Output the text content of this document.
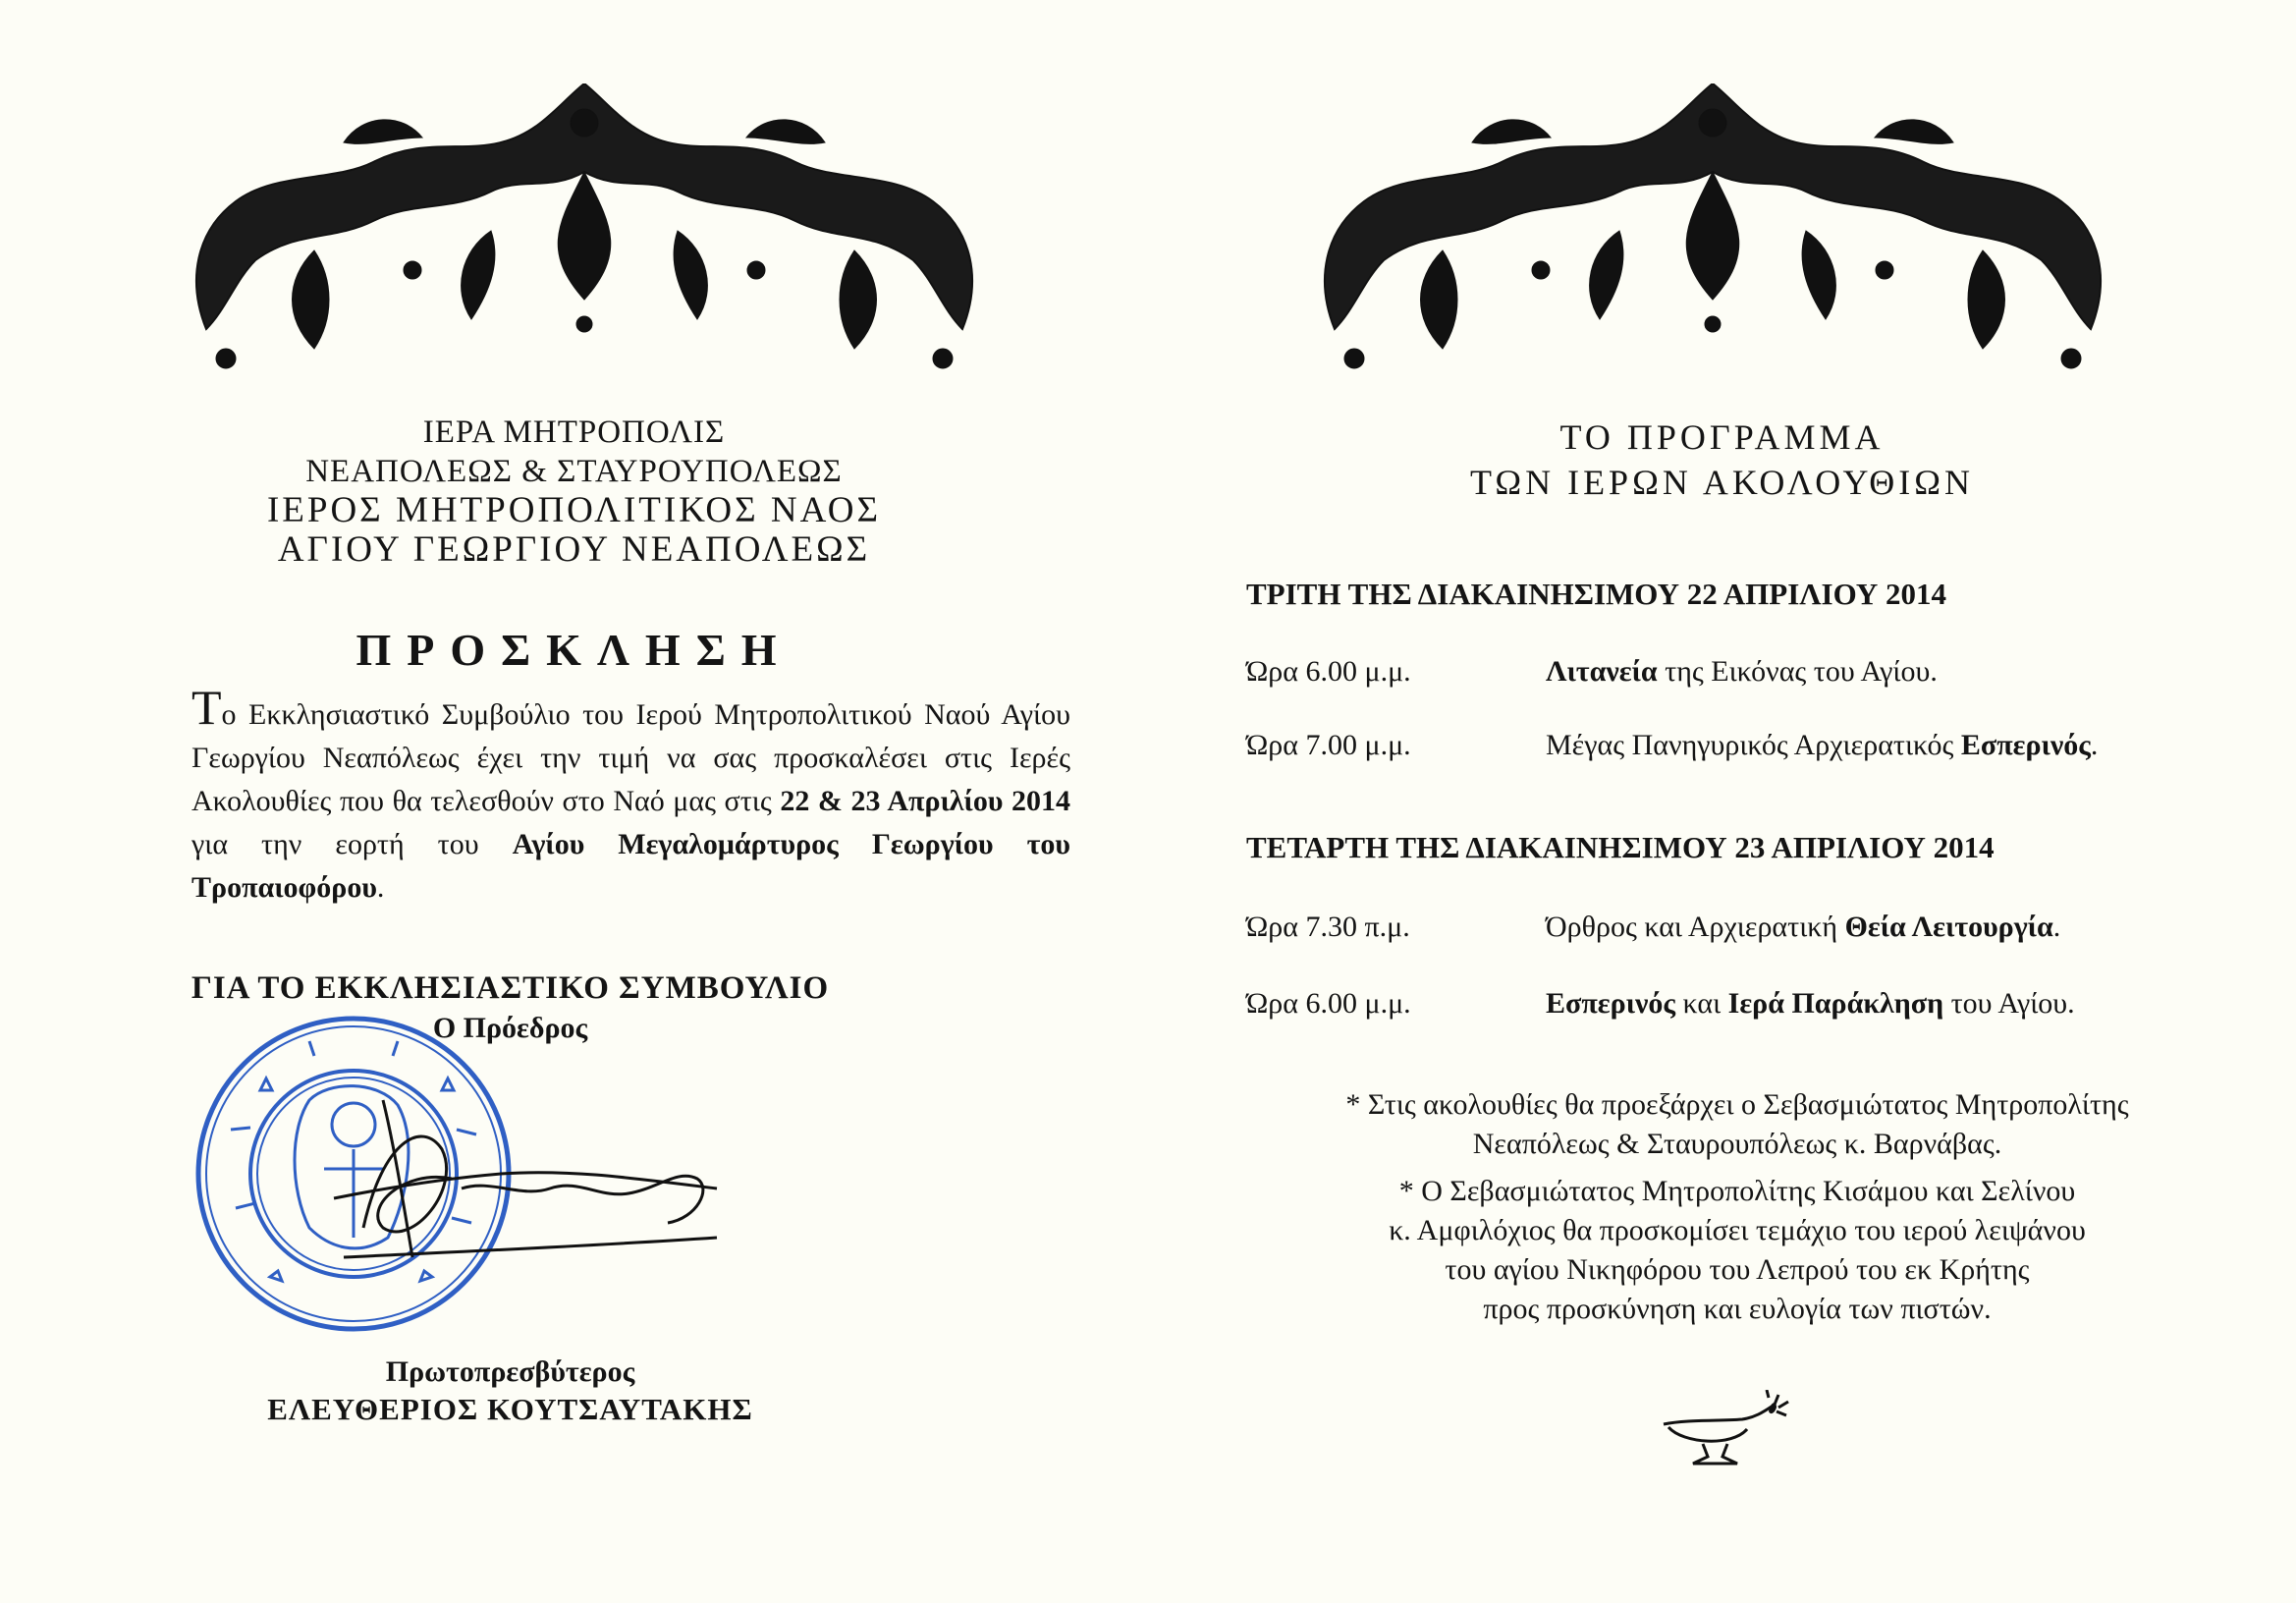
ΙΕΡΑ ΜΗΤΡΟΠΟΛΙΣ
ΝΕΑΠΟΛΕΩΣ & ΣΤΑΥΡΟΥΠΟΛΕΩΣ
ΙΕΡΟΣ ΜΗΤΡΟΠΟΛΙΤΙΚΟΣ ΝΑΟΣ
ΑΓΙΟΥ ΓΕΩΡΓΙΟΥ ΝΕΑΠΟΛΕΩΣ
ΠΡΟΣΚΛΗΣΗ
Το Εκκλησιαστικό Συμβούλιο του Ιερού Μητροπολιτικού Ναού Αγίου Γεωργίου Νεαπόλεως έχει την τιμή να σας προσκαλέσει στις Ιερές Ακολουθίες που θα τελεσθούν στο Ναό μας στις 22 & 23 Απριλίου 2014 για την εορτή του Αγίου Μεγαλομάρτυρος Γεωργίου του Τροπαιοφόρου.
ΓΙΑ ΤΟ ΕΚΚΛΗΣΙΑΣΤΙΚΟ ΣΥΜΒΟΥΛΙΟ
Ο Πρόεδρος
Πρωτοπρεσβύτερος
ΕΛΕΥΘΕΡΙΟΣ ΚΟΥΤΣΑΥΤΑΚΗΣ
ΤΟ ΠΡΟΓΡΑΜΜΑ
ΤΩΝ ΙΕΡΩΝ ΑΚΟΛΟΥΘΙΩΝ
ΤΡΙΤΗ ΤΗΣ ΔΙΑΚΑΙΝΗΣΙΜΟΥ 22 ΑΠΡΙΛΙΟΥ 2014
Ώρα 6.00 μ.μ.	Λιτανεία της Εικόνας του Αγίου.
Ώρα 7.00 μ.μ.	Μέγας Πανηγυρικός Αρχιερατικός Εσπερινός.
ΤΕΤΑΡΤΗ ΤΗΣ ΔΙΑΚΑΙΝΗΣΙΜΟΥ 23 ΑΠΡΙΛΙΟΥ 2014
Ώρα 7.30 π.μ.	Όρθρος και Αρχιερατική Θεία Λειτουργία.
Ώρα 6.00 μ.μ.	Εσπερινός και Ιερά Παράκληση του Αγίου.
* Στις ακολουθίες θα προεξάρχει ο Σεβασμιώτατος Μητροπολίτης
Νεαπόλεως & Σταυρουπόλεως κ. Βαρνάβας.
* Ο Σεβασμιώτατος Μητροπολίτης Κισάμου και Σελίνου
κ. Αμφιλόχιος θα προσκομίσει τεμάχιο του ιερού λειψάνου
του αγίου Νικηφόρου του Λεπρού του εκ Κρήτης
προς προσκύνηση και ευλογία των πιστών.
